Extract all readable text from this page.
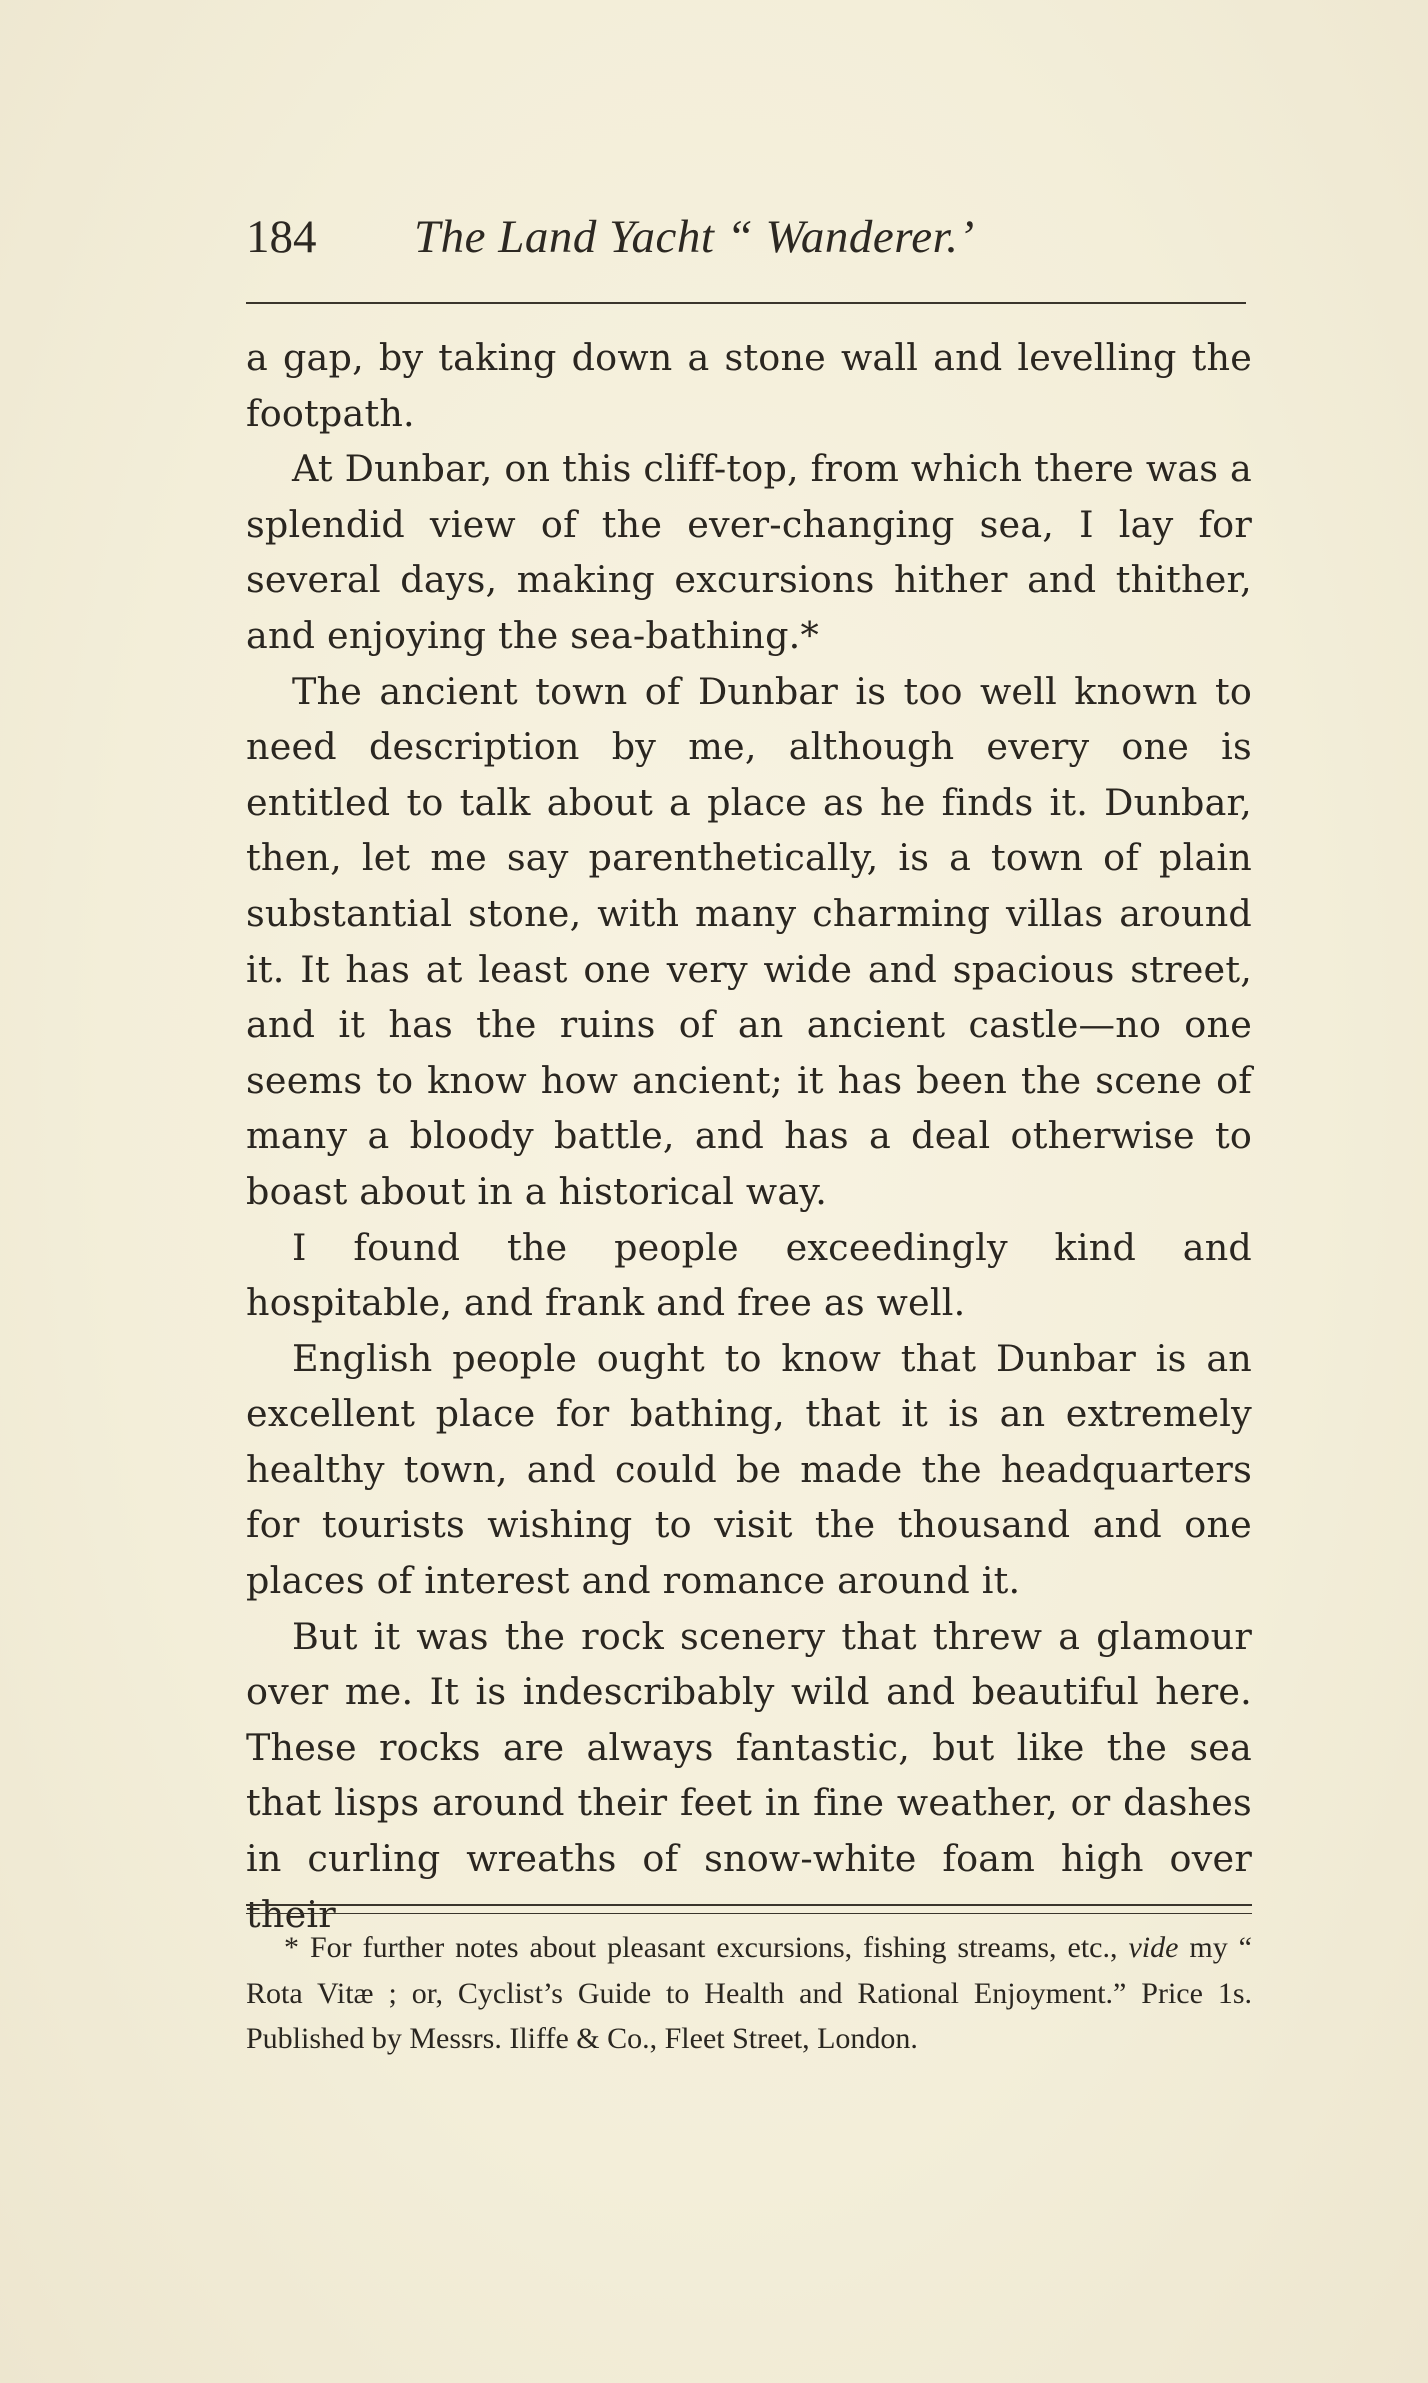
184 The Land Yacht “ Wanderer.’

a gap, by taking down a stone wall and levelling the footpath.

At Dunbar, on this cliff-top, from which there was a splendid view of the ever-changing sea, I lay for several days, making excursions hither and thither, and enjoying the sea-bathing.*

The ancient town of Dunbar is too well known to need description by me, although every one is entitled to talk about a place as he finds it. Dunbar, then, let me say parenthetically, is a town of plain substantial stone, with many charming villas around it. It has at least one very wide and spacious street, and it has the ruins of an ancient castle—no one seems to know how ancient; it has been the scene of many a bloody battle, and has a deal otherwise to boast about in a historical way.

I found the people exceedingly kind and hospitable, and frank and free as well.

English people ought to know that Dunbar is an excellent place for bathing, that it is an extremely healthy town, and could be made the headquarters for tourists wishing to visit the thousand and one places of interest and romance around it.

But it was the rock scenery that threw a glamour over me. It is indescribably wild and beautiful here. These rocks are always fantastic, but like the sea that lisps around their feet in fine weather, or dashes in curling wreaths of snow-white foam high over their

* For further notes about pleasant excursions, fishing streams, etc., vide my “ Rota Vitæ ; or, Cyclist’s Guide to Health and Rational Enjoyment.” Price 1s. Published by Messrs. Iliffe & Co., Fleet Street, London.
